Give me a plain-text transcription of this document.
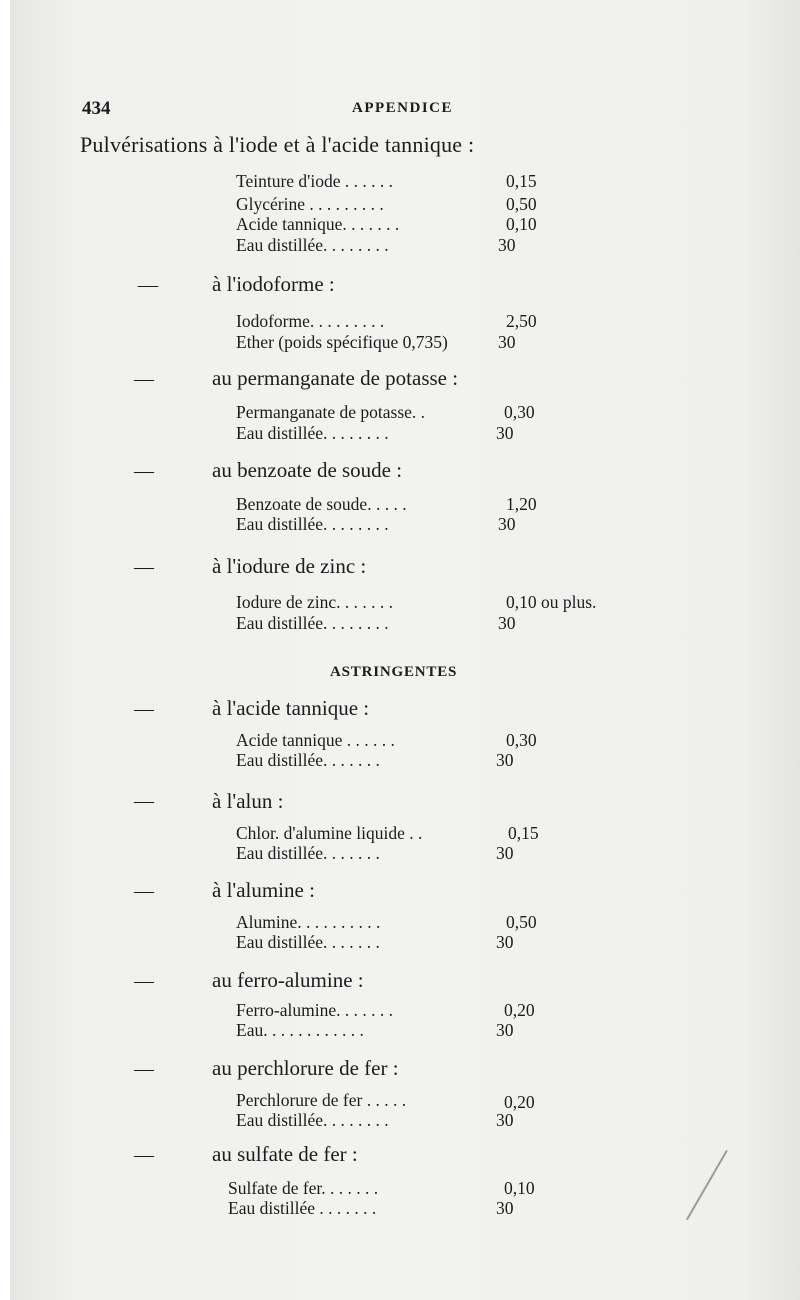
434	APPENDICE
Pulvérisations à l'iode et à l'acide tannique :
Teinture d'iode . . . . . .	0,15
Glycérine . . . . . . . . .	0,50
Acide tannique. . . . . . .	0,10
Eau distillée. . . . . . . .	30
—	à l'iodoforme :
Iodoforme. . . . . . . . .	2,50
Ether (poids spécifique 0,735)	30
—	au permanganate de potasse :
Permanganate de potasse. .	0,30
Eau distillée. . . . . . . .	30
—	au benzoate de soude :
Benzoate de soude. . . . .	1,20
Eau distillée. . . . . . . .	30
—	à l'iodure de zinc :
Iodure de zinc. . . . . . .	0,10 ou plus.
Eau distillée. . . . . . . .	30
ASTRINGENTES
—	à l'acide tannique :
Acide tannique . . . . . .	0,30
Eau distillée. . . . . . .	30
—	à l'alun :
Chlor. d'alumine liquide . .	0,15
Eau distillée. . . . . . .	30
—	à l'alumine :
Alumine. . . . . . . . . .	0,50
Eau distillée. . . . . . .	30
—	au ferro-alumine :
Ferro-alumine. . . . . . .	0,20
Eau. . . . . . . . . . . .	30
—	au perchlorure de fer :
Perchlorure de fer . . . . .	0,20
Eau distillée. . . . . . . .	30
—	au sulfate de fer :
Sulfate de fer. . . . . . .	0,10
Eau distillée . . . . . . .	30
